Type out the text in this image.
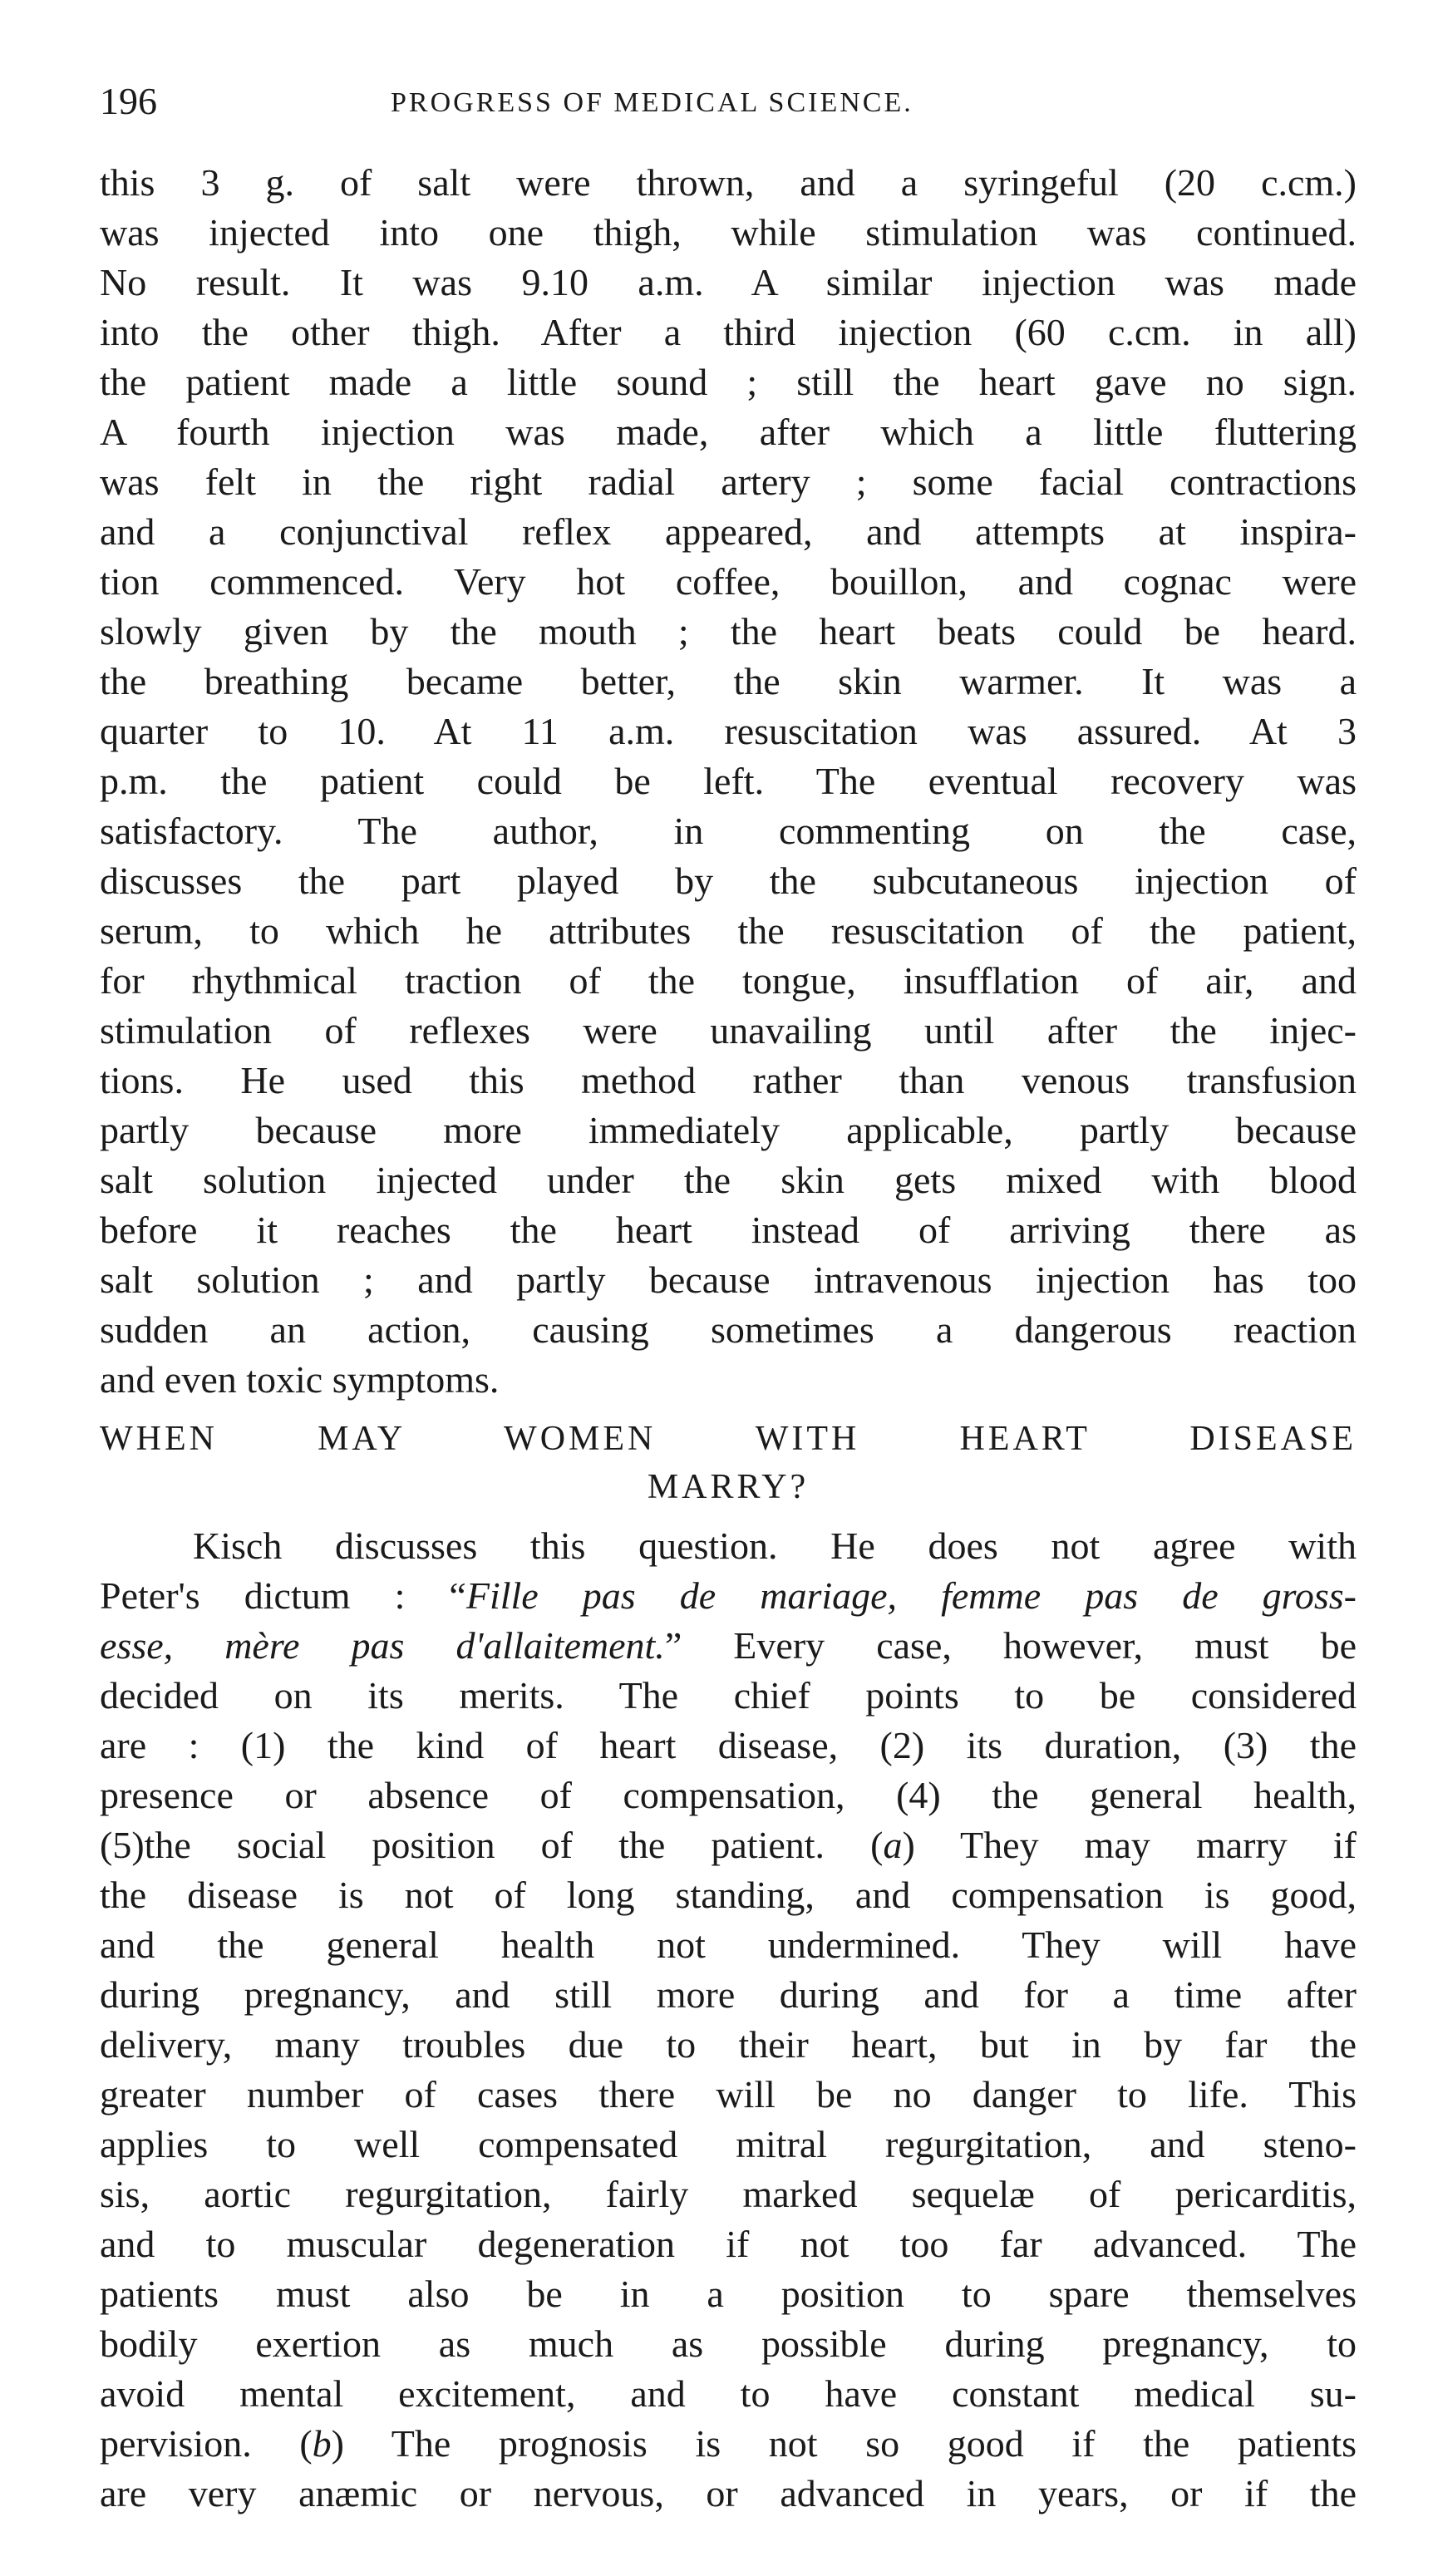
196	PROGRESS OF MEDICAL SCIENCE.
this 3 g. of salt were thrown, and a syringeful (20 c.cm.)
was injected into one thigh, while stimulation was continued.
No result. It was 9.10 a.m. A similar injection was made
into the other thigh. After a third injection (60 c.cm. in all)
the patient made a little sound ; still the heart gave no sign.
A fourth injection was made, after which a little fluttering
was felt in the right radial artery ; some facial contractions
and a conjunctival reflex appeared, and attempts at inspira-
tion commenced. Very hot coffee, bouillon, and cognac were
slowly given by the mouth ; the heart beats could be heard.
the breathing became better, the skin warmer. It was a
quarter to 10. At 11 a.m. resuscitation was assured. At 3
p.m. the patient could be left. The eventual recovery was
satisfactory. The author, in commenting on the case,
discusses the part played by the subcutaneous injection of
serum, to which he attributes the resuscitation of the patient,
for rhythmical traction of the tongue, insufflation of air, and
stimulation of reflexes were unavailing until after the injec-
tions. He used this method rather than venous transfusion
partly because more immediately applicable, partly because
salt solution injected under the skin gets mixed with blood
before it reaches the heart instead of arriving there as
salt solution ; and partly because intravenous injection has too
sudden an action, causing sometimes a dangerous reaction
and even toxic symptoms.
WHEN MAY WOMEN WITH HEART DISEASE
MARRY?
Kisch discusses this question. He does not agree with
Peter's dictum : “Fille pas de mariage, femme pas de gross-
esse, mère pas d'allaitement.” Every case, however, must be
decided on its merits. The chief points to be considered
are : (1) the kind of heart disease, (2) its duration, (3) the
presence or absence of compensation, (4) the general health,
(5)the social position of the patient. (a) They may marry if
the disease is not of long standing, and compensation is good,
and the general health not undermined. They will have
during pregnancy, and still more during and for a time after
delivery, many troubles due to their heart, but in by far the
greater number of cases there will be no danger to life. This
applies to well compensated mitral regurgitation, and steno-
sis, aortic regurgitation, fairly marked sequelæ of pericarditis,
and to muscular degeneration if not too far advanced. The
patients must also be in a position to spare themselves
bodily exertion as much as possible during pregnancy, to
avoid mental excitement, and to have constant medical su-
pervision. (b) The prognosis is not so good if the patients
are very anæmic or nervous, or advanced in years, or if the
